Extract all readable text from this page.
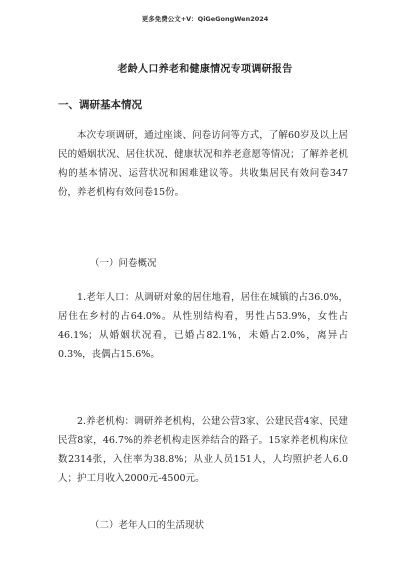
更多免费公文+V：QiGeGongWen2024
老龄人口养老和健康情况专项调研报告
一、调研基本情况

本次专项调研，通过座谈、问卷访问等方式，了解60岁及以上居民的婚姻状况、居住状况、健康状况和养老意愿等情况；了解养老机构的基本情况、运营状况和困难建议等。共收集居民有效问卷347份，养老机构有效问卷15份。

（一）问卷概况

1.老年人口：从调研对象的居住地看，居住在城镇的占36.0%，居住在乡村的占64.0%。从性别结构看，男性占53.9%，女性占46.1%；从婚姻状况看，已婚占82.1%，未婚占2.0%，离异占0.3%，丧偶占15.6%。

2.养老机构：调研养老机构，公建公营3家、公建民营4家、民建民营8家，46.7%的养老机构走医养结合的路子。15家养老机构床位数2314张，入住率为38.8%；从业人员151人，人均照护老人6.0人；护工月收入2000元-4500元。

（二）老年人口的生活现状
